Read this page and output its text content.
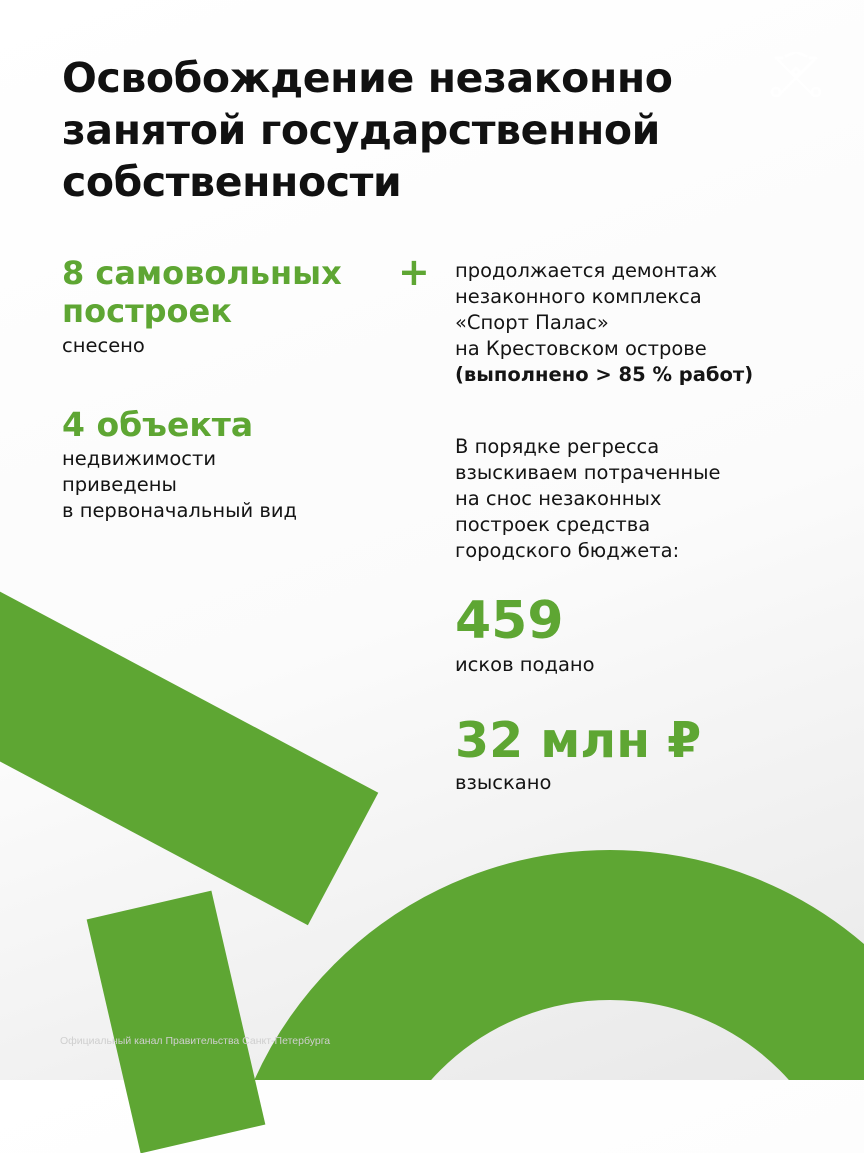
Освобождение незаконно занятой государственной собственности
8 самовольных построек
+
снесено
4 объекта
недвижимости
приведены
в первоначальный вид
продолжается демонтаж
незаконного комплекса
«Спорт Палас»
на Крестовском острове
(выполнено > 85 % работ)
В порядке регресса
взыскиваем потраченные
на снос незаконных
построек средства
городского бюджета:
459
исков подано
32 млн ₽
взыскано
Официальный канал Правительства Санкт-Петербурга
